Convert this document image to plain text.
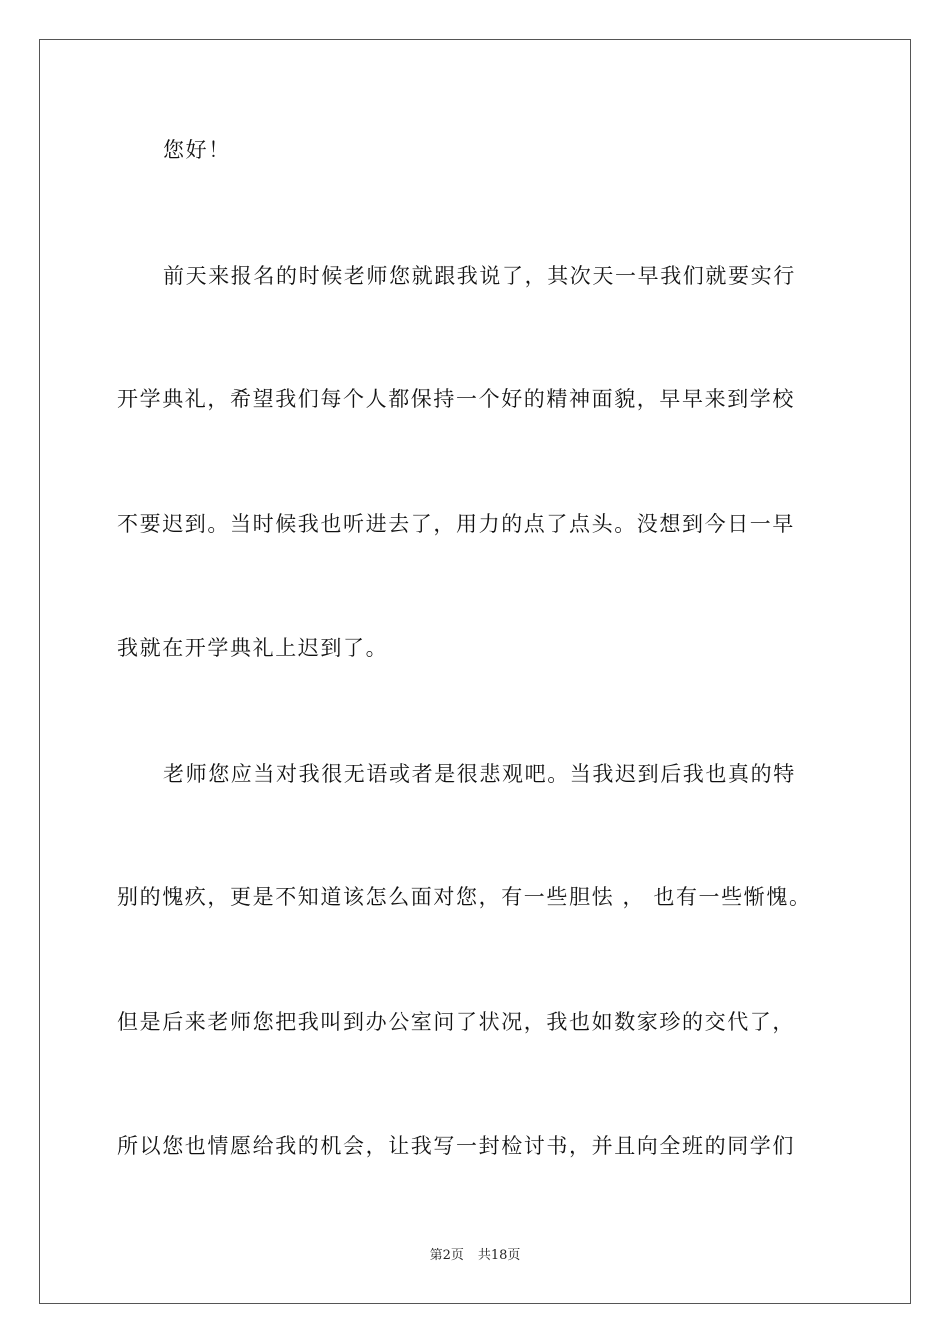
您好！
前天来报名的时候老师您就跟我说了，其次天一早我们就要实行
开学典礼，希望我们每个人都保持一个好的精神面貌，早早来到学校
不要迟到。当时候我也听进去了，用力的点了点头。没想到今日一早
我就在开学典礼上迟到了。
老师您应当对我很无语或者是很悲观吧。当我迟到后我也真的特
别的愧疚，更是不知道该怎么面对您，有一些胆怯 ， 也有一些惭愧。
但是后来老师您把我叫到办公室问了状况，我也如数家珍的交代了，
所以您也情愿给我的机会，让我写一封检讨书，并且向全班的同学们
第2页 共18页
